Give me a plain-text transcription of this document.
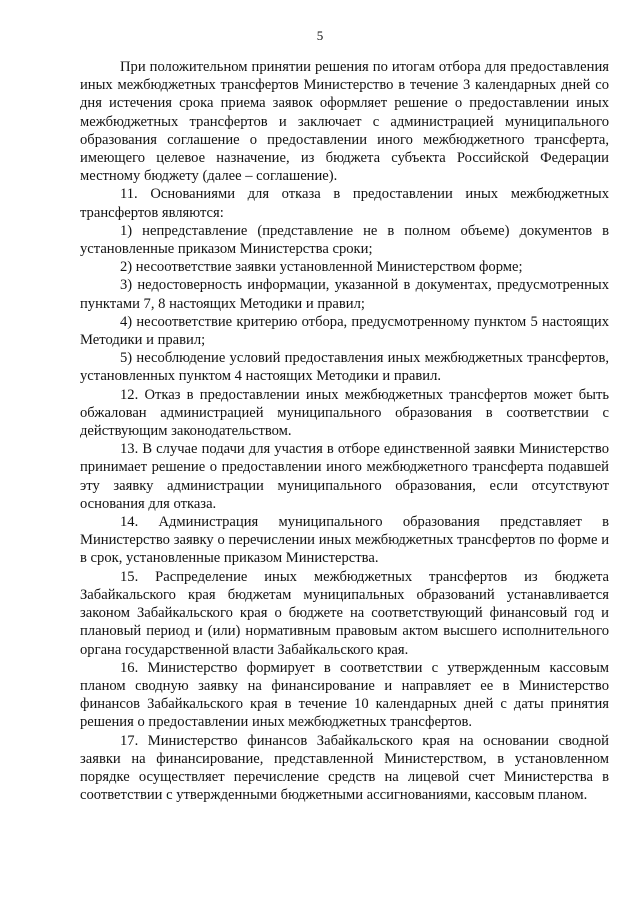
5

При положительном принятии решения по итогам отбора для предоставления иных межбюджетных трансфертов Министерство в течение 3 календарных дней со дня истечения срока приема заявок оформляет решение о предоставлении иных межбюджетных трансфертов и заключает с администрацией муниципального образования соглашение о предоставлении иного межбюджетного трансферта, имеющего целевое назначение, из бюджета субъекта Российской Федерации местному бюджету (далее – соглашение).

11. Основаниями для отказа в предоставлении иных межбюджетных трансфертов являются:

1) непредставление (представление не в полном объеме) документов в установленные приказом Министерства сроки;

2) несоответствие заявки установленной Министерством форме;

3) недостоверность информации, указанной в документах, предусмотренных пунктами 7, 8 настоящих Методики и правил;

4) несоответствие критерию отбора, предусмотренному пунктом 5 настоящих Методики и правил;

5) несоблюдение условий предоставления иных межбюджетных трансфертов, установленных пунктом 4 настоящих Методики и правил.

12. Отказ в предоставлении иных межбюджетных трансфертов может быть обжалован администрацией муниципального образования в соответствии с действующим законодательством.

13. В случае подачи для участия в отборе единственной заявки Министерство принимает решение о предоставлении иного межбюджетного трансферта подавшей эту заявку администрации муниципального образования, если отсутствуют основания для отказа.

14. Администрация муниципального образования представляет в Министерство заявку о перечислении иных межбюджетных трансфертов по форме и в срок, установленные приказом Министерства.

15. Распределение иных межбюджетных трансфертов из бюджета Забайкальского края бюджетам муниципальных образований устанавливается законом Забайкальского края о бюджете на соответствующий финансовый год и плановый период и (или) нормативным правовым актом высшего исполнительного органа государственной власти Забайкальского края.

16. Министерство формирует в соответствии с утвержденным кассовым планом сводную заявку на финансирование и направляет ее в Министерство финансов Забайкальского края в течение 10 календарных дней с даты принятия решения о предоставлении иных межбюджетных трансфертов.

17. Министерство финансов Забайкальского края на основании сводной заявки на финансирование, представленной Министерством, в установленном порядке осуществляет перечисление средств на лицевой счет Министерства в соответствии с утвержденными бюджетными ассигнованиями, кассовым планом.
